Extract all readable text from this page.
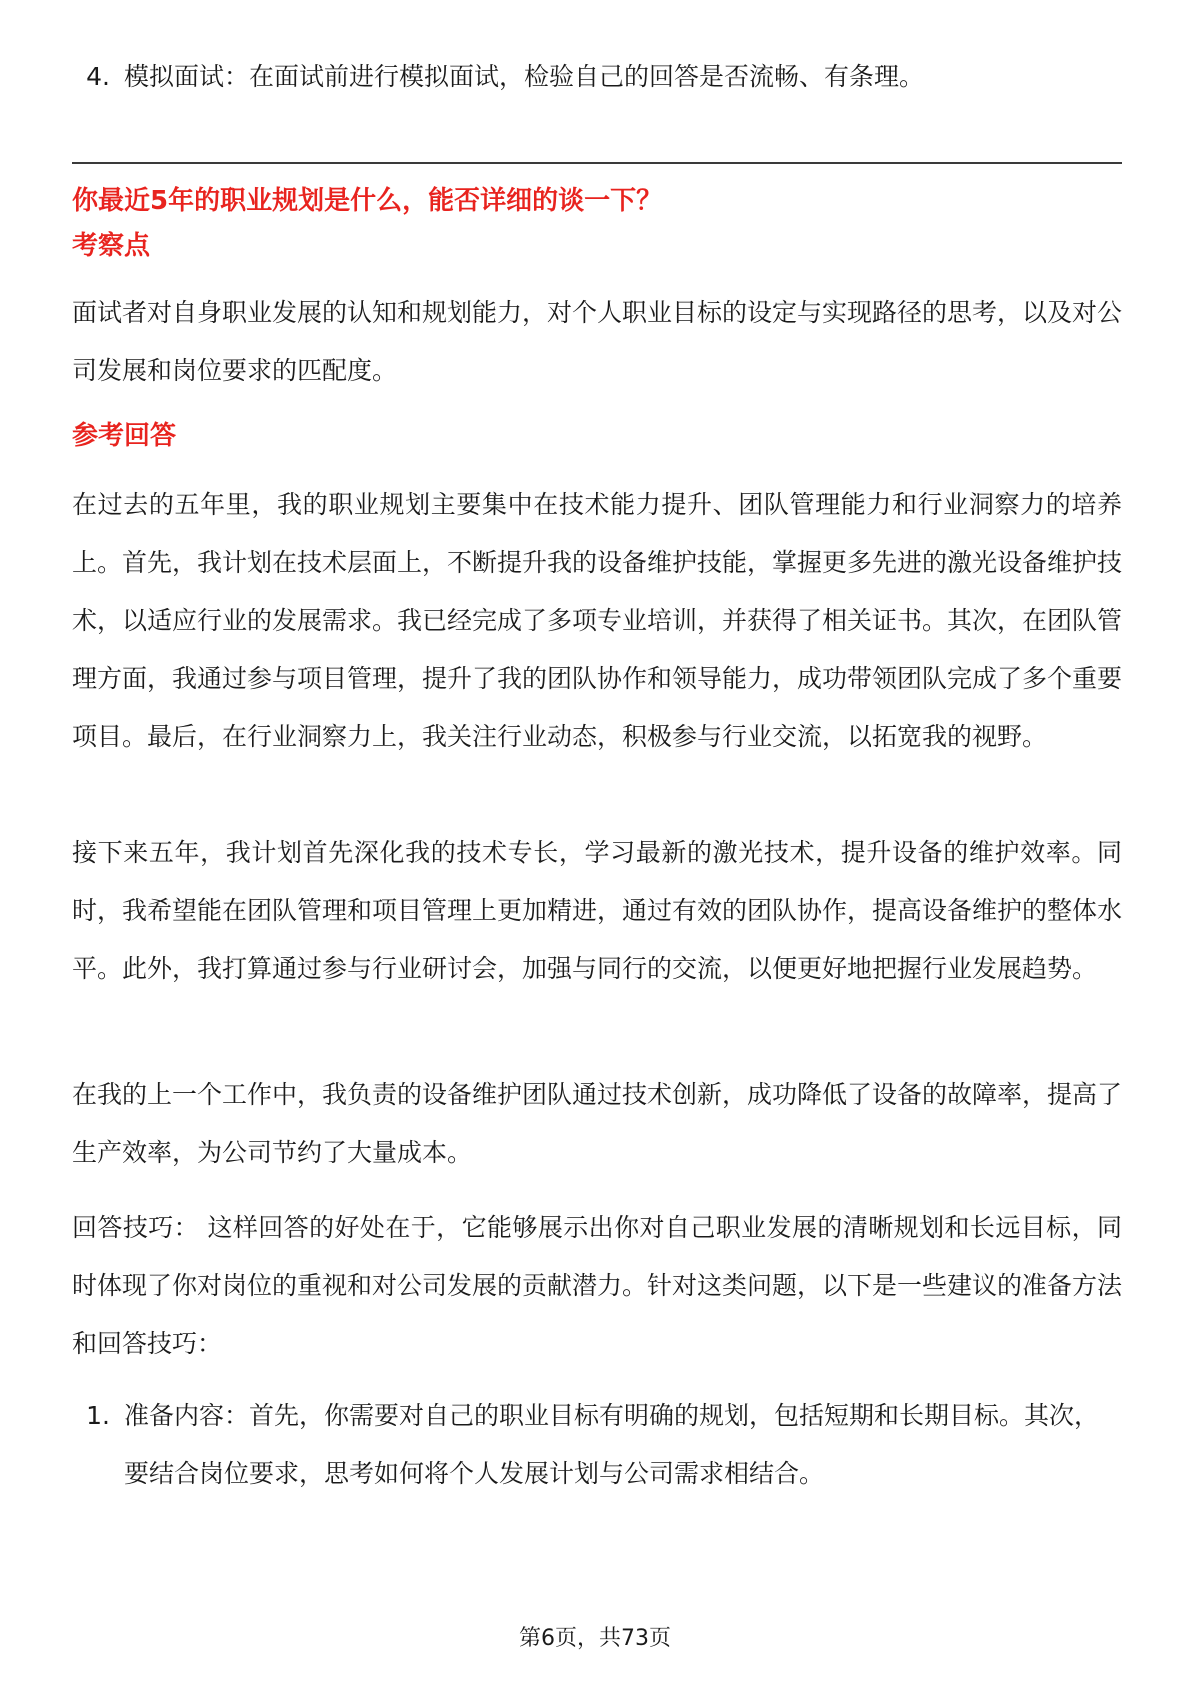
4. 模拟面试：在面试前进行模拟面试，检验自己的回答是否流畅、有条理。
你最近5年的职业规划是什么，能否详细的谈一下？
考察点

面试者对自身职业发展的认知和规划能力，对个人职业目标的设定与实现路径的思考，以及对公司发展和岗位要求的匹配度。

参考回答

在过去的五年里，我的职业规划主要集中在技术能力提升、团队管理能力和行业洞察力的培养上。首先，我计划在技术层面上，不断提升我的设备维护技能，掌握更多先进的激光设备维护技术，以适应行业的发展需求。我已经完成了多项专业培训，并获得了相关证书。其次，在团队管理方面，我通过参与项目管理，提升了我的团队协作和领导能力，成功带领团队完成了多个重要项目。最后，在行业洞察力上，我关注行业动态，积极参与行业交流，以拓宽我的视野。

接下来五年，我计划首先深化我的技术专长，学习最新的激光技术，提升设备的维护效率。同时，我希望能在团队管理和项目管理上更加精进，通过有效的团队协作，提高设备维护的整体水平。此外，我打算通过参与行业研讨会，加强与同行的交流，以便更好地把握行业发展趋势。

在我的上一个工作中，我负责的设备维护团队通过技术创新，成功降低了设备的故障率，提高了生产效率，为公司节约了大量成本。

回答技巧： 这样回答的好处在于，它能够展示出你对自己职业发展的清晰规划和长远目标，同时体现了你对岗位的重视和对公司发展的贡献潜力。针对这类问题，以下是一些建议的准备方法和回答技巧：

1. 准备内容：首先，你需要对自己的职业目标有明确的规划，包括短期和长期目标。其次，要结合岗位要求，思考如何将个人发展计划与公司需求相结合。
第6页，共73页
